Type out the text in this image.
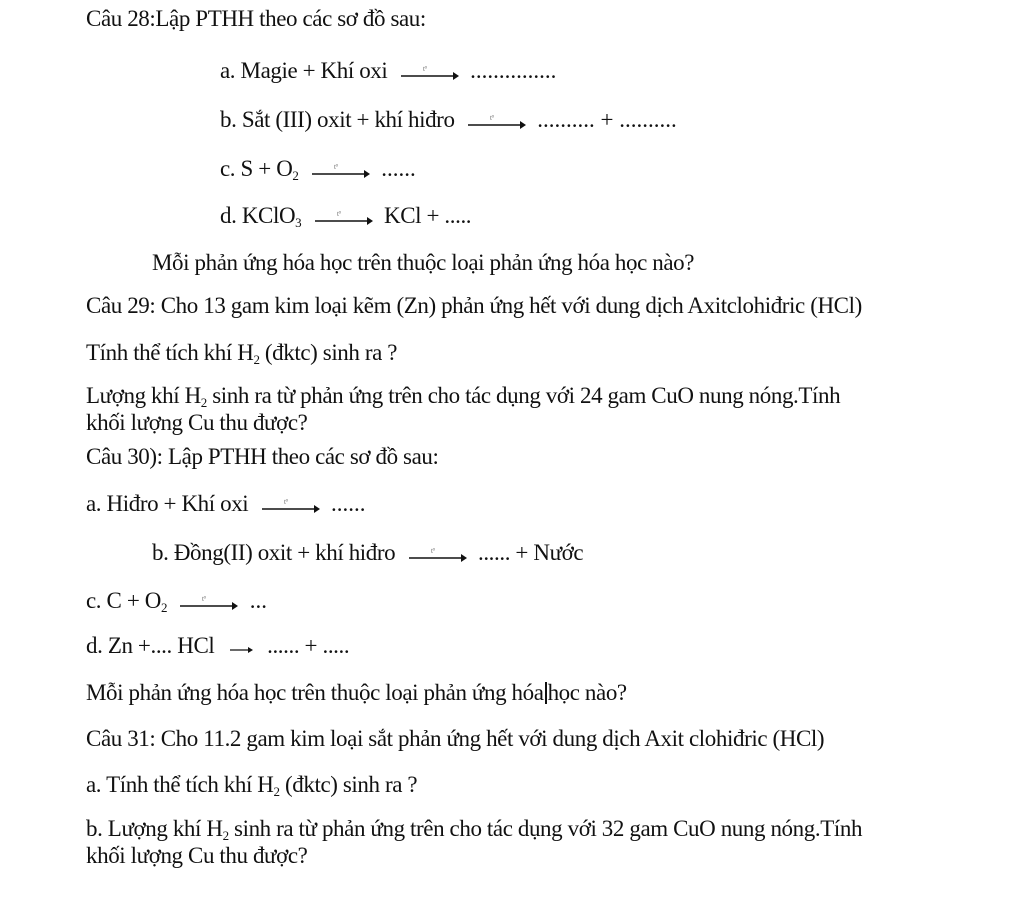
Câu 28:Lập PTHH theo các sơ đồ sau:
a. Magie + Khí oxi	t° ...............
b. Sắt (III) oxit + khí hiđro	t° .......... + ..........
c. $S + O_2$
t° ......
d. KClO$_3$
t° KCl + .....
Mỗi phản ứng hóa học trên thuộc loại phản ứng hóa học nào?
Câu 29: Cho 13 gam kim loại kẽm (Zn) phản ứng hết với dung dịch Axitclohiđric (HCl)
Tính thể tích khí $H_2$ (đktc) sinh ra ?
Lượng khí $H_2$ sinh ra từ phản ứng trên cho tác dụng với 24 gam CuO nung nóng.Tính
khối lượng Cu thu được?
Câu 30): Lập PTHH theo các sơ đồ sau:
a. Hiđro + Khí oxi	t° ......
b. Đồng(II) oxit + khí hiđro	t° ...... + Nước
c. $C + O_2$
t° ...
d. Zn +.... HCl → ...... + .....
Mỗi phản ứng hóa học trên thuộc loại phản ứng hóa học nào?
Câu 31: Cho 11.2 gam kim loại sắt phản ứng hết với dung dịch Axit clohiđric (HCl)
a. Tính thể tích khí $H_2$ (đktc) sinh ra ?
b. Lượng khí $H_2$ sinh ra từ phản ứng trên cho tác dụng với 32 gam CuO nung nóng.Tính
khối lượng Cu thu được?
